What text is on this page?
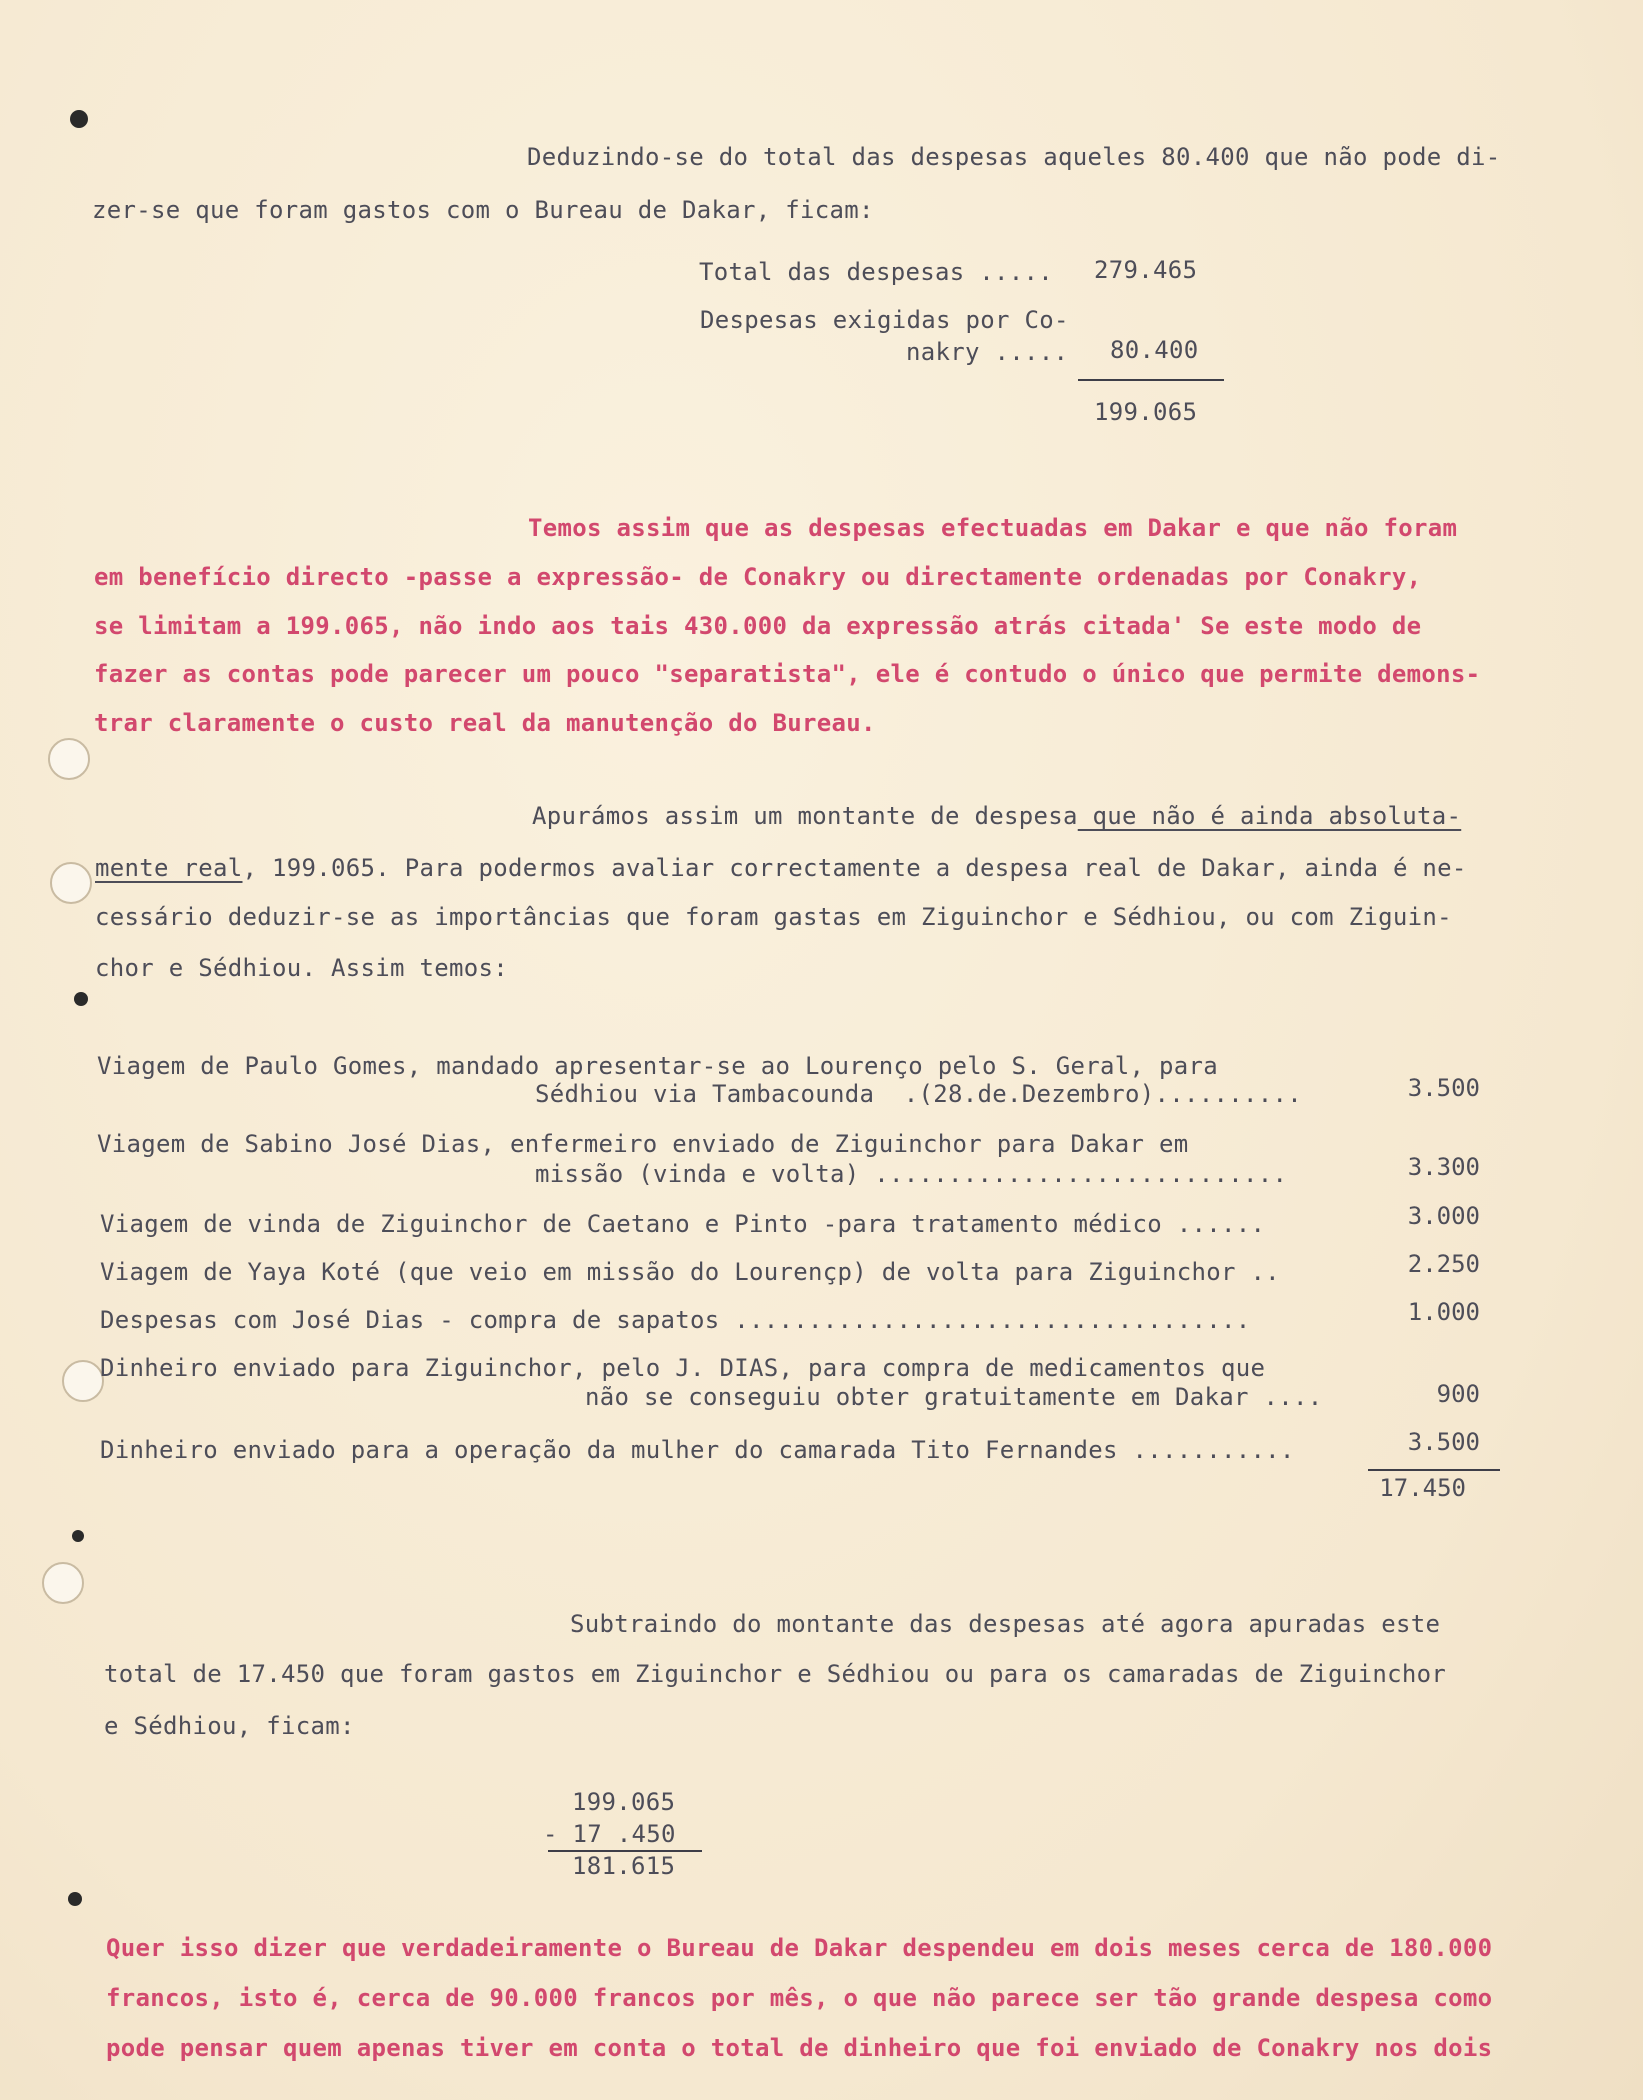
Deduzindo-se do total das despesas aqueles 80.400 que não pode di-
zer-se que foram gastos com o Bureau de Dakar, ficam:
Total das despesas ..... 279.465
Despesas exigidas por Co-
nakry ..... 80.400
199.065
Temos assim que as despesas efectuadas em Dakar e que não foram
em benefício directo -passe a expressão- de Conakry ou directamente ordenadas por Conakry,
se limitam a 199.065, não indo aos tais 430.000 da expressão atrás citada' Se este modo de
fazer as contas pode parecer um pouco "separatista", ele é contudo o único que permite demons-
trar claramente o custo real da manutenção do Bureau.
Apurámos assim um montante de despesa que não é ainda absoluta-
mente real, 199.065. Para podermos avaliar correctamente a despesa real de Dakar, ainda é ne-
cessário deduzir-se as importâncias que foram gastas em Ziguinchor e Sédhiou, ou com Ziguin-
chor e Sédhiou. Assim temos:
Viagem de Paulo Gomes, mandado apresentar-se ao Lourenço pelo S. Geral, para
Sédhiou via Tambacounda  .(28.de.Dezembro)..........	3.500
Viagem de Sabino José Dias, enfermeiro enviado de Ziguinchor para Dakar em
missão (vinda e volta) ............................	3.300
Viagem de vinda de Ziguinchor de Caetano e Pinto -para tratamento médico ......	3.000
Viagem de Yaya Koté (que veio em missão do Lourençp) de volta para Ziguinchor ..	2.250
Despesas com José Dias - compra de sapatos ...................................	1.000
Dinheiro enviado para Ziguinchor, pelo J. DIAS, para compra de medicamentos que
não se conseguiu obter gratuitamente em Dakar ....	900
Dinheiro enviado para a operação da mulher do camarada Tito Fernandes ...........	3.500
17.450
Subtraindo do montante das despesas até agora apuradas este
total de 17.450 que foram gastos em Ziguinchor e Sédhiou ou para os camaradas de Ziguinchor
e Sédhiou, ficam:
199.065
- 17 .450
181.615
Quer isso dizer que verdadeiramente o Bureau de Dakar despendeu em dois meses cerca de 180.000
francos, isto é, cerca de 90.000 francos por mês, o que não parece ser tão grande despesa como
pode pensar quem apenas tiver em conta o total de dinheiro que foi enviado de Conakry nos dois
